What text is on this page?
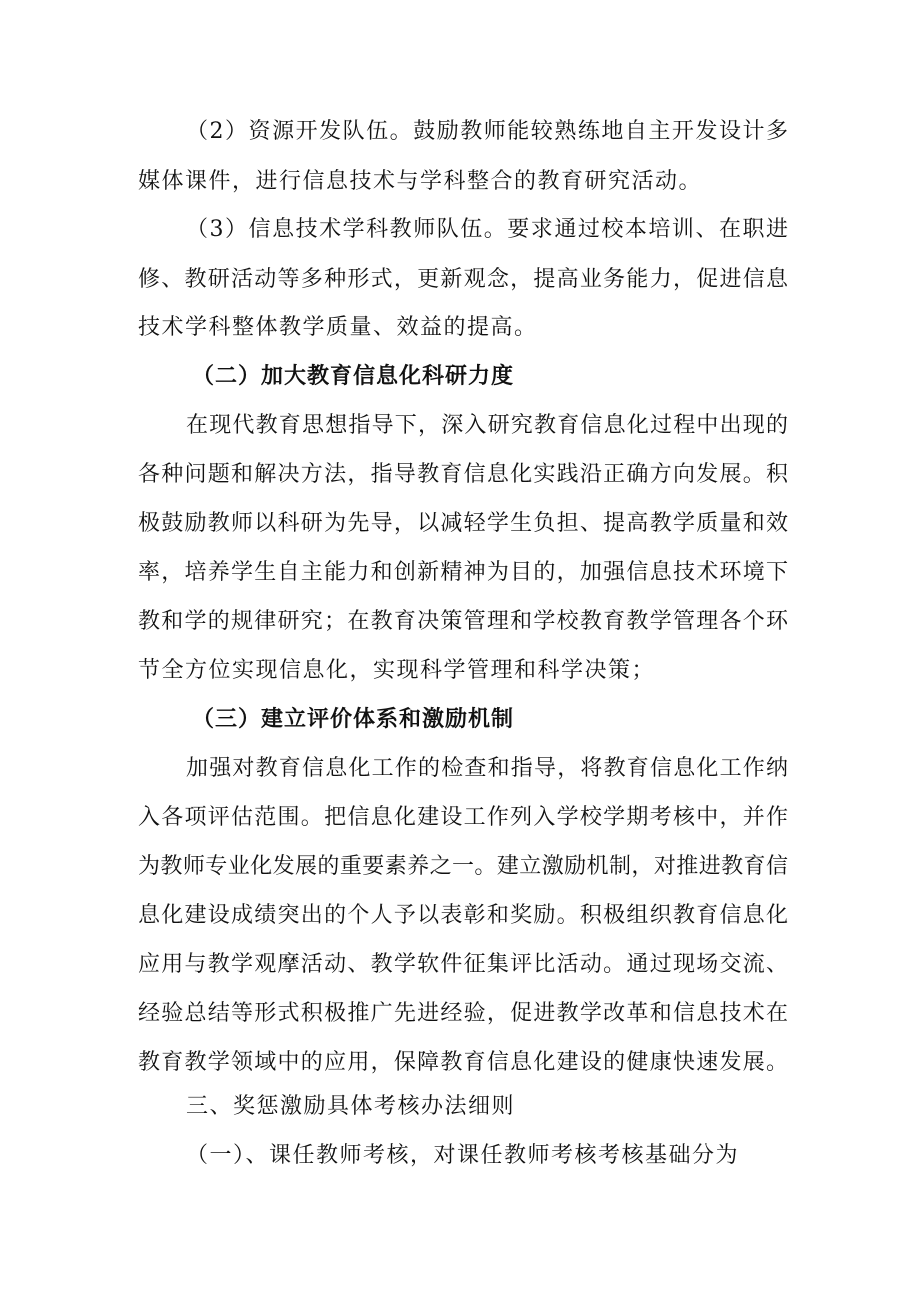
（2）资源开发队伍。鼓励教师能较熟练地自主开发设计多
媒体课件，进行信息技术与学科整合的教育研究活动。
（3）信息技术学科教师队伍。要求通过校本培训、在职进
修、教研活动等多种形式，更新观念，提高业务能力，促进信息
技术学科整体教学质量、效益的提高。
（二）加大教育信息化科研力度
在现代教育思想指导下，深入研究教育信息化过程中出现的
各种问题和解决方法，指导教育信息化实践沿正确方向发展。积
极鼓励教师以科研为先导，以减轻学生负担、提高教学质量和效
率，培养学生自主能力和创新精神为目的，加强信息技术环境下
教和学的规律研究；在教育决策管理和学校教育教学管理各个环
节全方位实现信息化，实现科学管理和科学决策；
（三）建立评价体系和激励机制
加强对教育信息化工作的检查和指导，将教育信息化工作纳
入各项评估范围。把信息化建设工作列入学校学期考核中，并作
为教师专业化发展的重要素养之一。建立激励机制，对推进教育信
息化建设成绩突出的个人予以表彰和奖励。积极组织教育信息化
应用与教学观摩活动、教学软件征集评比活动。通过现场交流、
经验总结等形式积极推广先进经验，促进教学改革和信息技术在
教育教学领域中的应用，保障教育信息化建设的健康快速发展。
三、奖惩激励具体考核办法细则
（一）、课任教师考核，对课任教师考核考核基础分为
